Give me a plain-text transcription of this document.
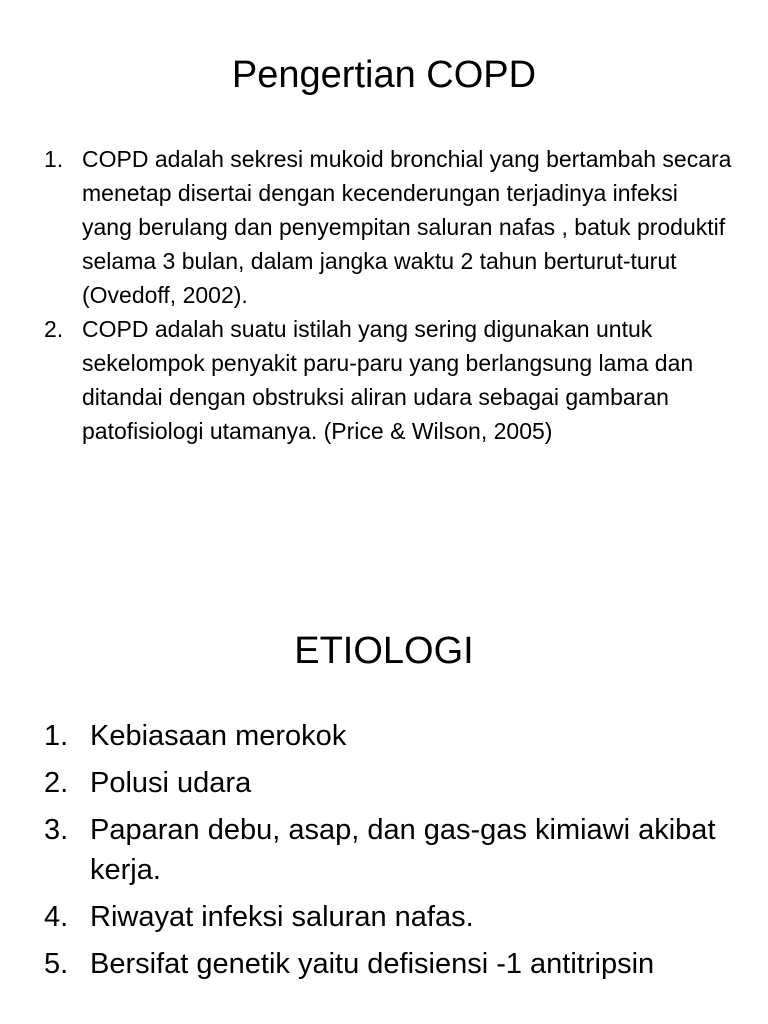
Pengertian COPD
1. COPD adalah sekresi mukoid bronchial yang bertambah secara menetap disertai dengan kecenderungan terjadinya infeksi yang berulang dan penyempitan saluran nafas , batuk produktif selama 3 bulan, dalam jangka waktu 2 tahun berturut-turut (Ovedoff, 2002).
2. COPD adalah suatu istilah yang sering digunakan untuk sekelompok penyakit paru-paru yang berlangsung lama dan ditandai dengan obstruksi aliran udara sebagai gambaran patofisiologi utamanya. (Price & Wilson, 2005)
ETIOLOGI
1. Kebiasaan merokok
2. Polusi udara
3. Paparan debu, asap, dan gas-gas kimiawi akibat kerja.
4. Riwayat infeksi saluran nafas.
5. Bersifat genetik yaitu defisiensi -1 antitripsin
